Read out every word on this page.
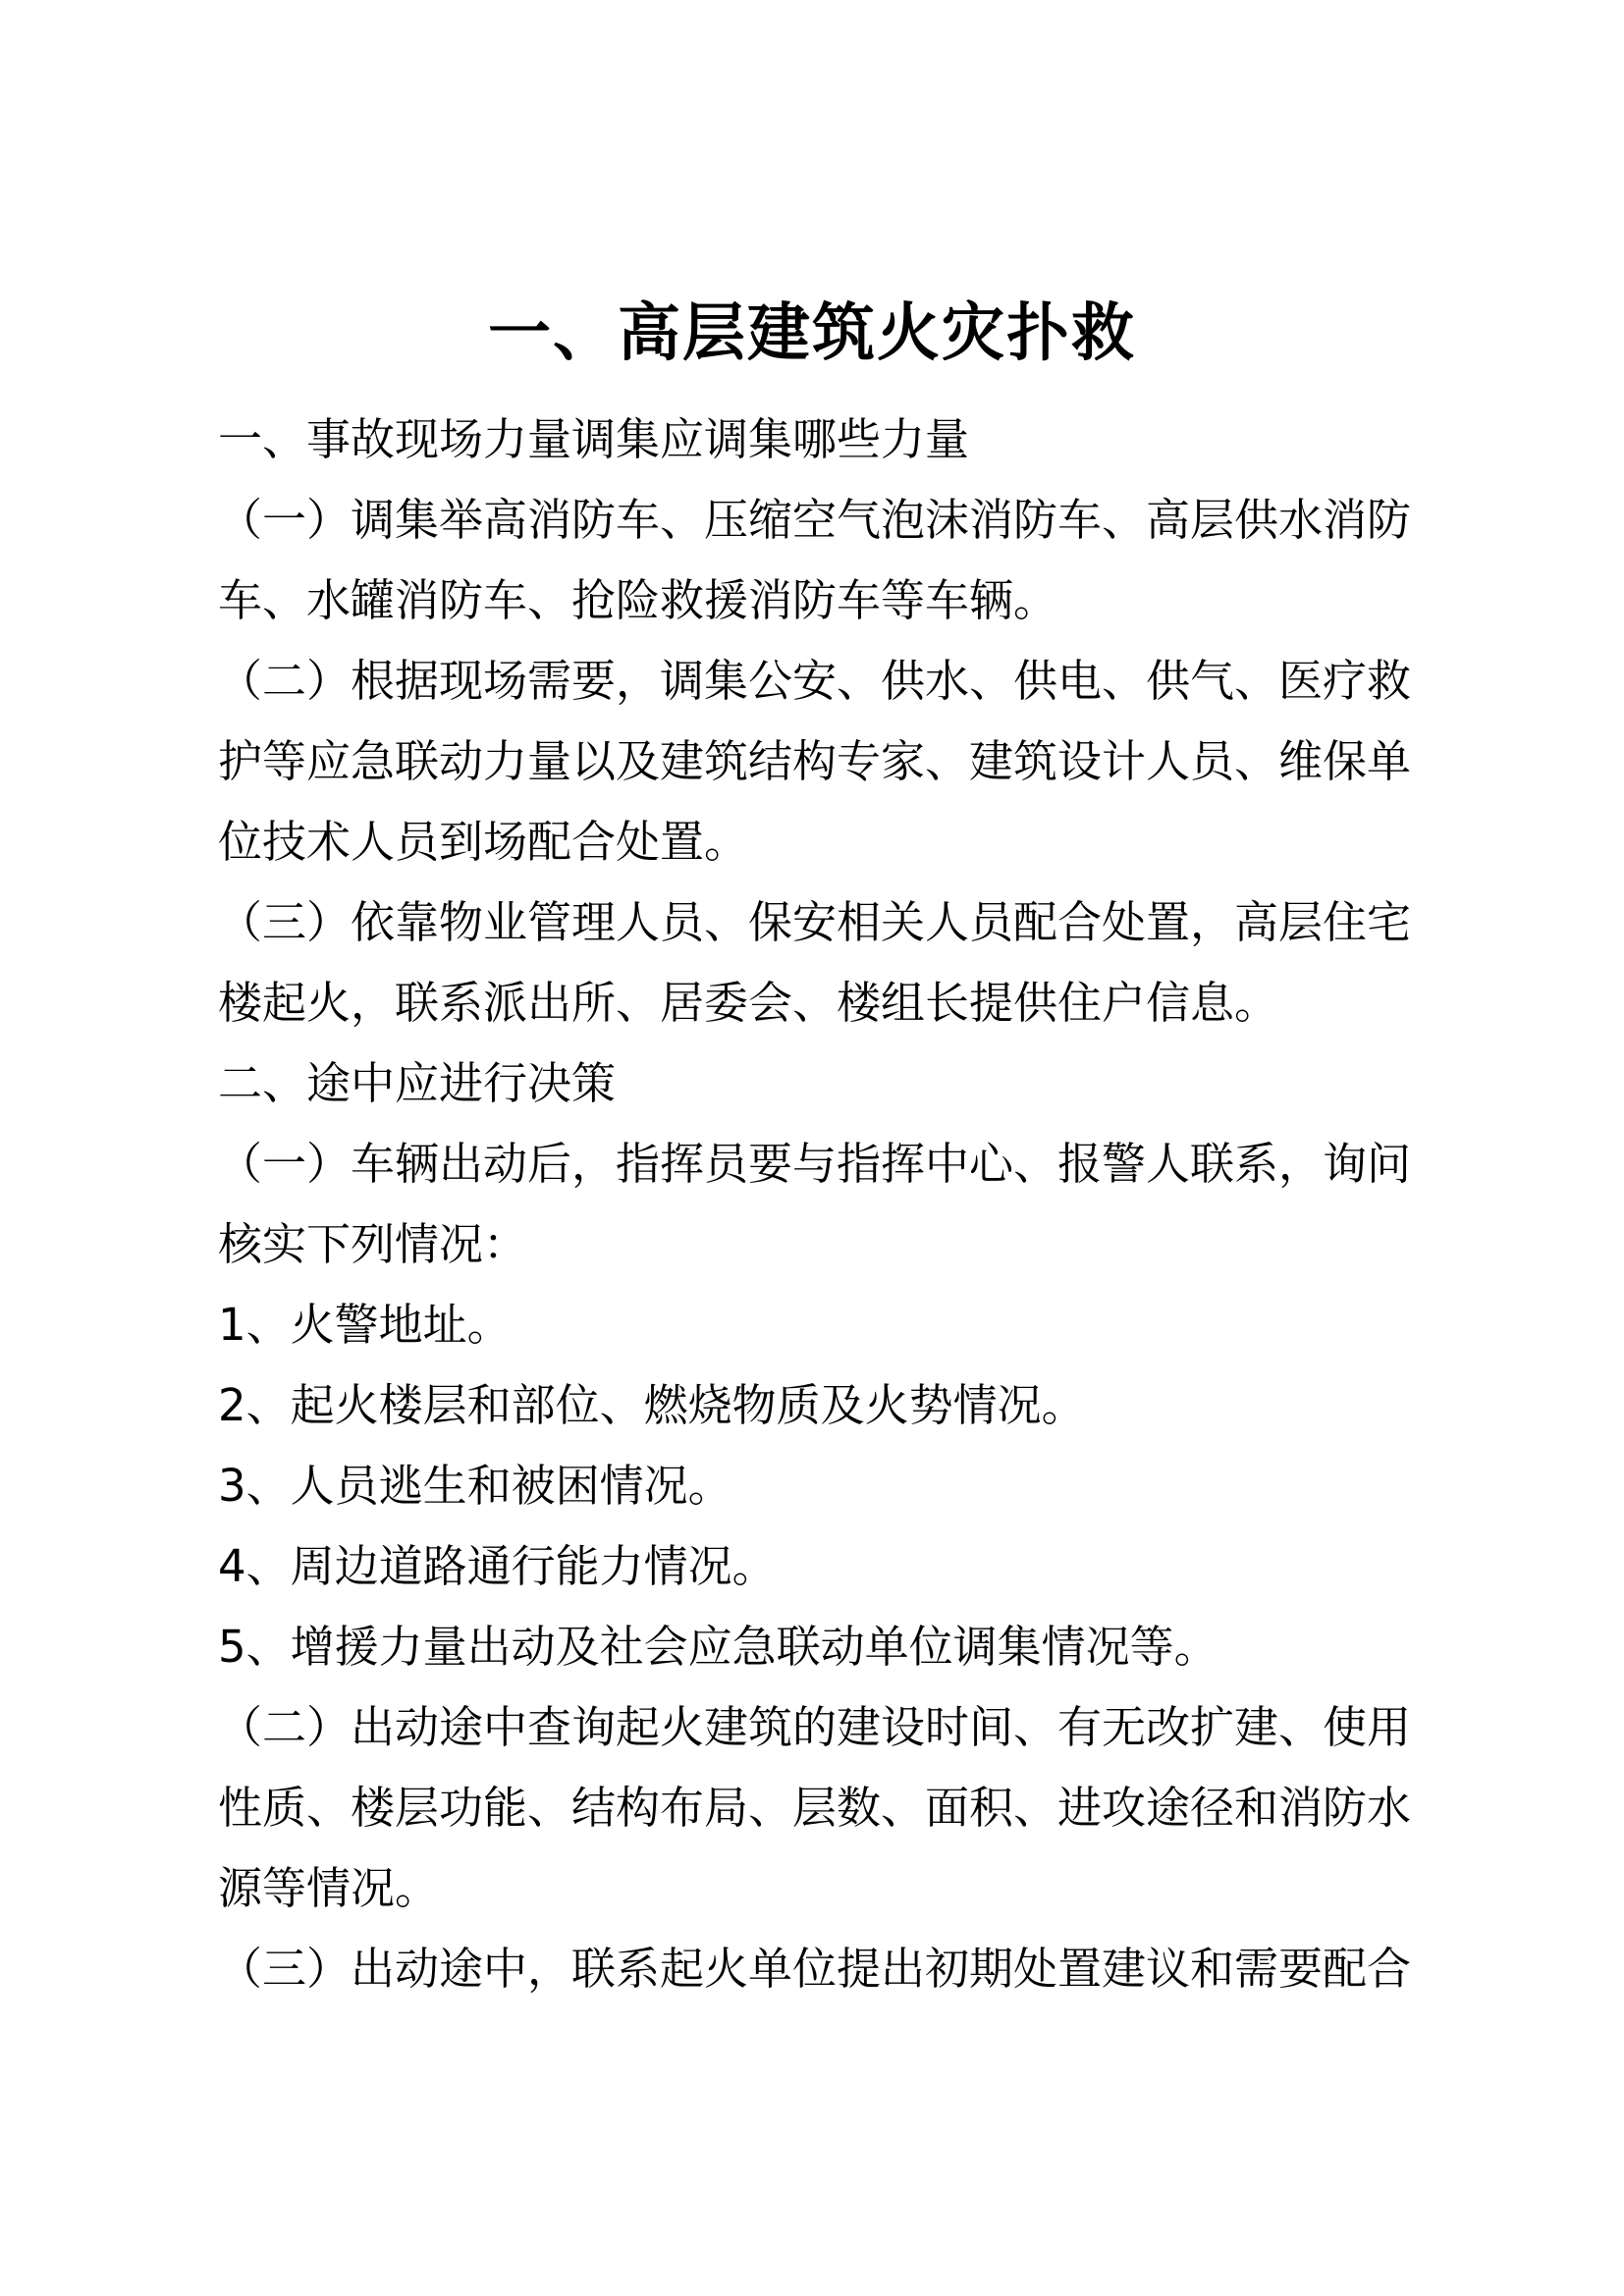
一、高层建筑火灾扑救
一、事故现场力量调集应调集哪些力量
（一）调集举高消防车、压缩空气泡沫消防车、高层供水消防
车、水罐消防车、抢险救援消防车等车辆。
（二）根据现场需要，调集公安、供水、供电、供气、医疗救
护等应急联动力量以及建筑结构专家、建筑设计人员、维保单
位技术人员到场配合处置。
（三）依靠物业管理人员、保安相关人员配合处置，高层住宅
楼起火，联系派出所、居委会、楼组长提供住户信息。
二、途中应进行决策
（一）车辆出动后，指挥员要与指挥中心、报警人联系，询问
核实下列情况：
1、火警地址。
2、起火楼层和部位、燃烧物质及火势情况。
3、人员逃生和被困情况。
4、周边道路通行能力情况。
5、增援力量出动及社会应急联动单位调集情况等。
（二）出动途中查询起火建筑的建设时间、有无改扩建、使用
性质、楼层功能、结构布局、层数、面积、进攻途径和消防水
源等情况。
（三）出动途中，联系起火单位提出初期处置建议和需要配合
